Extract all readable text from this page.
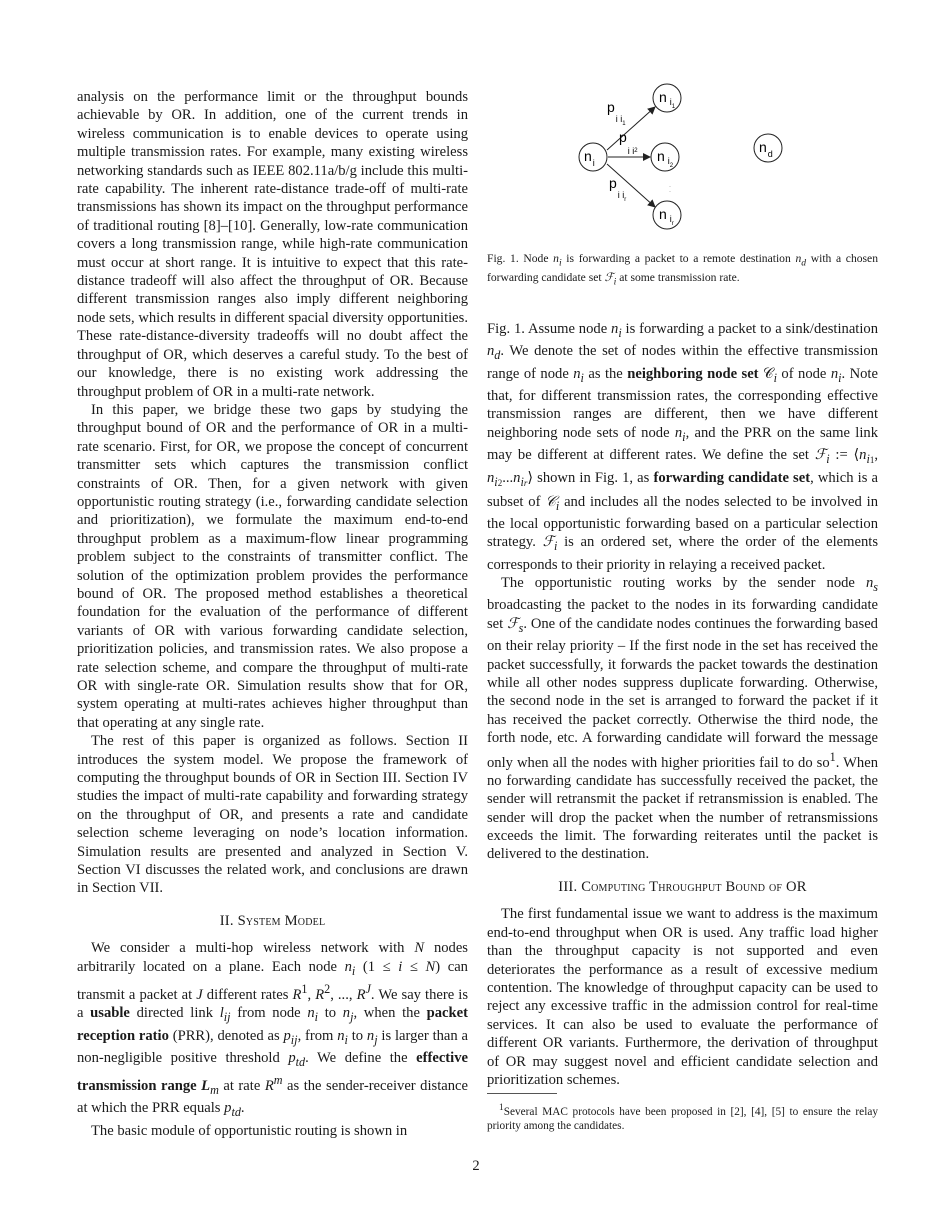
analysis on the performance limit or the throughput bounds achievable by OR. In addition, one of the current trends in wireless communication is to enable devices to operate using multiple transmission rates. For example, many existing wireless networking standards such as IEEE 802.11a/b/g include this multi-rate capability. The inherent rate-distance trade-off of multi-rate transmissions has shown its impact on the throughput performance of traditional routing [8]–[10]. Generally, low-rate communication covers a long transmission range, while high-rate communication must occur at short range. It is intuitive to expect that this rate-distance tradeoff will also affect the throughput of OR. Because different transmission ranges also imply different neighboring node sets, which results in different spacial diversity opportunities. These rate-distance-diversity tradeoffs will no doubt affect the throughput of OR, which deserves a careful study. To the best of our knowledge, there is no existing work addressing the throughput problem of OR in a multi-rate network.

In this paper, we bridge these two gaps by studying the throughput bound of OR and the performance of OR in a multi-rate scenario. First, for OR, we propose the concept of concurrent transmitter sets which captures the transmission conflict constraints of OR. Then, for a given network with given opportunistic routing strategy (i.e., forwarding candidate selection and prioritization), we formulate the maximum end-to-end throughput problem as a maximum-flow linear programming problem subject to the constraints of transmitter conflict. The solution of the optimization problem provides the performance bound of OR. The proposed method establishes a theoretical foundation for the evaluation of the performance of different variants of OR with various forwarding candidate selection, prioritization policies, and transmission rates. We also propose a rate selection scheme, and compare the throughput of multi-rate OR with single-rate OR. Simulation results show that for OR, system operating at multi-rates achieves higher throughput than that operating at any single rate.

The rest of this paper is organized as follows. Section II introduces the system model. We propose the framework of computing the throughput bounds of OR in Section III. Section IV studies the impact of multi-rate capability and forwarding strategy on the throughput of OR, and presents a rate and candidate selection scheme leveraging on node’s location information. Simulation results are presented and analyzed in Section V. Section VI discusses the related work, and conclusions are drawn in Section VII.

II. System Model

We consider a multi-hop wireless network with N nodes arbitrarily located on a plane. Each node $n_i$ (1 ≤ i ≤ N) can transmit a packet at J different rates $R^1$, $R^2$, ..., $R^J$. We say there is a usable directed link $l_{ij}$ from node $n_i$ to $n_j$, when the packet reception ratio (PRR), denoted as $p_{ij}$, from $n_i$ to $n_j$ is larger than a non-negligible positive threshold $p_{td}$. We define the effective transmission range $L_m$ at rate $R^m$ as the sender-receiver distance at which the PRR equals $p_{td}$.

The basic module of opportunistic routing is shown in

·
·
$n_i$
n $_{i1}$
n $_{i2}$
n $_{ir}$
$n_d$
$p_{i i1}$
$p_{i i}2$
$p_{i ir}$
Fig. 1. Node $n_i$ is forwarding a packet to a remote destination $n_d$ with a chosen forwarding candidate set ℱ$_i$ at some transmission rate.

Fig. 1. Assume node $n_i$ is forwarding a packet to a sink/destination $n_d$. We denote the set of nodes within the effective transmission range of node $n_i$ as the neighboring node set 𝒞$_i$ of node $n_i$. Note that, for different transmission rates, the corresponding effective transmission ranges are different, then we have different neighboring node sets of node $n_i$, and the PRR on the same link may be different at different rates. We define the set ℱ$_i$ := $⟨n_{i1}$, $n_{i2}...n_{ir}⟩$ shown in Fig. 1, as forwarding candidate set, which is a subset of 𝒞$_i$ and includes all the nodes selected to be involved in the local opportunistic forwarding based on a particular selection strategy. ℱ$_i$ is an ordered set, where the order of the elements corresponds to their priority in relaying a received packet.

The opportunistic routing works by the sender node $n_s$ broadcasting the packet to the nodes in its forwarding candidate set ℱ$_s$. One of the candidate nodes continues the forwarding based on their relay priority – If the first node in the set has received the packet successfully, it forwards the packet towards the destination while all other nodes suppress duplicate forwarding. Otherwise, the second node in the set is arranged to forward the packet if it has received the packet correctly. Otherwise the third node, the forth node, etc. A forwarding candidate will forward the message only when all the nodes with higher priorities fail to do $so^1$. When no forwarding candidate has successfully received the packet, the sender will retransmit the packet if retransmission is enabled. The sender will drop the packet when the number of retransmissions exceeds the limit. The forwarding reiterates until the packet is delivered to the destination.

III. Computing Throughput Bound of OR

The first fundamental issue we want to address is the maximum end-to-end throughput when OR is used. Any traffic load higher than the throughput capacity is not supported and even deteriorates the performance as a result of excessive medium contention. The knowledge of throughput capacity can be used to reject any excessive traffic in the admission control for real-time services. It can also be used to evaluate the performance of different OR variants. Furthermore, the derivation of throughput of OR may suggest novel and efficient candidate selection and prioritization schemes.

$^1$Several MAC protocols have been proposed in [2], [4], [5] to ensure the relay priority among the candidates.
2
